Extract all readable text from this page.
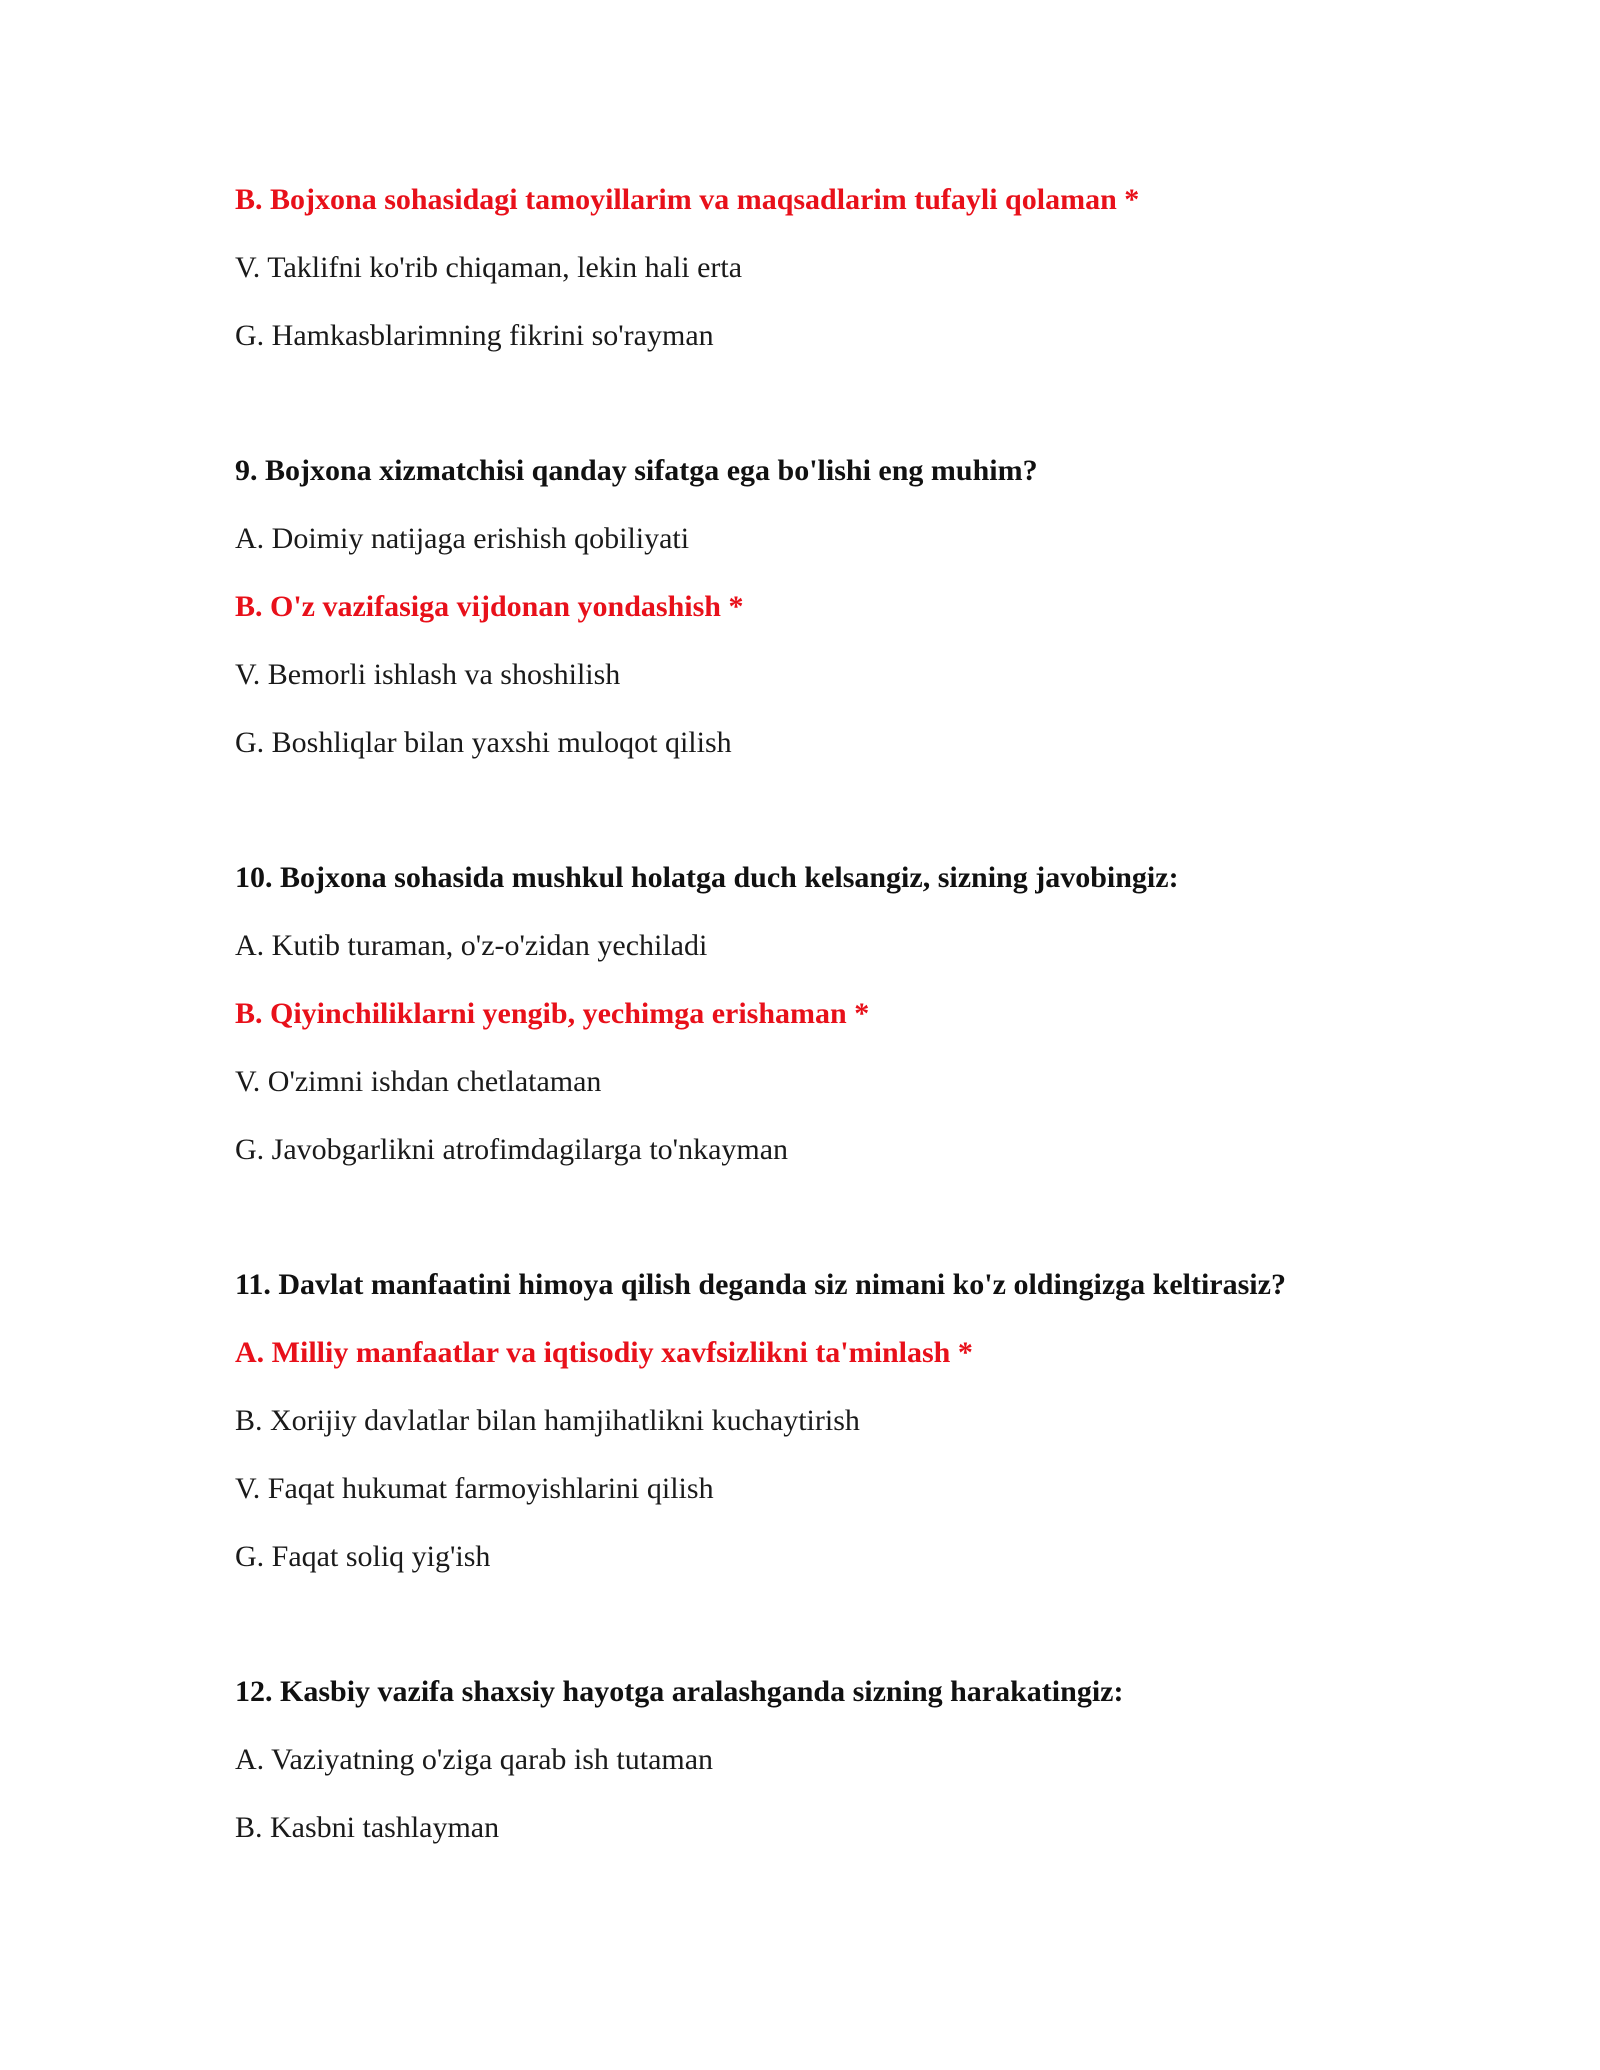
B. Bojxona sohasidagi tamoyillarim va maqsadlarim tufayli qolaman *
V. Taklifni ko'rib chiqaman, lekin hali erta
G. Hamkasblarimning fikrini so'rayman
9. Bojxona xizmatchisi qanday sifatga ega bo'lishi eng muhim?
A. Doimiy natijaga erishish qobiliyati
B. O'z vazifasiga vijdonan yondashish *
V. Bemorli ishlash va shoshilish
G. Boshliqlar bilan yaxshi muloqot qilish
10. Bojxona sohasida mushkul holatga duch kelsangiz, sizning javobingiz:
A. Kutib turaman, o'z-o'zidan yechiladi
B. Qiyinchiliklarni yengib, yechimga erishaman *
V. O'zimni ishdan chetlataman
G. Javobgarlikni atrofimdagilarga to'nkayman
11. Davlat manfaatini himoya qilish deganda siz nimani ko'z oldingizga keltirasiz?
A. Milliy manfaatlar va iqtisodiy xavfsizlikni ta'minlash *
B. Xorijiy davlatlar bilan hamjihatlikni kuchaytirish
V. Faqat hukumat farmoyishlarini qilish
G. Faqat soliq yig'ish
12. Kasbiy vazifa shaxsiy hayotga aralashganda sizning harakatingiz:
A. Vaziyatning o'ziga qarab ish tutaman
B. Kasbni tashlayman
